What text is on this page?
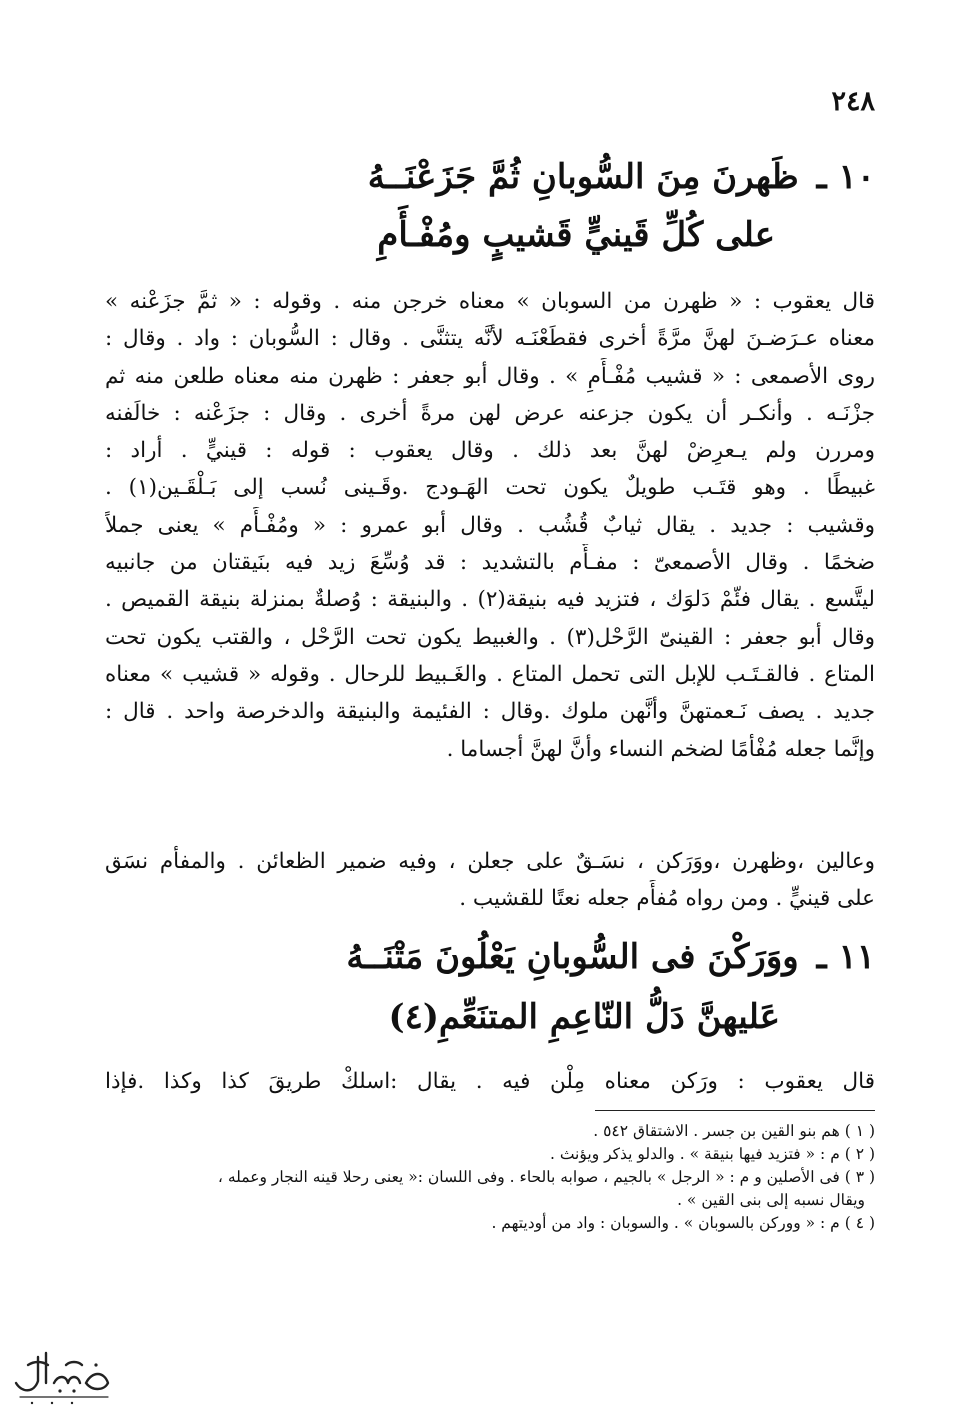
٢٤٨
١٠ ـظَهرنَ مِنَ السُّوبانِ ثُمَّ جَزَعْنَــهُ
على كُلِّ قَينيٍّ قَشيبٍ ومُفْـأَمِ
قال يعقوب : « ظهرن من السوبان » معناه خرجن منه . وقوله : « ثمَّ جزَعْنه »
معناه عـرَضـنَ لهنَّ مرَّةً أخرى فقطَعْنَـه لأنَّه يتثنَّى . وقال : السُّوبان : واد . وقال :
روى الأصمعى : « قشيب مُفْـأَمِ » . وقال أبو جعفر : ظهرن منه معناه طلعن منه ثم
جزْنَـه . وأنكـر أن يكون جزعنه عرض لهن مرةً أخرى . وقال : جزَعْنه : خالَفنه
ومررن ولم يـعرِضْ لهنَّ بعد ذلك . وقال يعقوب : قوله : قينيٍّ . أراد :
غبيطًا . وهو قتَـب طويلٌ يكون تحت الهَـودج .وقَـينى نُسب إلى بَـلْقَـين(١) .
وقشيب : جديد . يقال ثيابٌ قُشُب . وقال أبو عمرو : « ومُفْـأَم » يعنى جملاً
ضخمًا . وقال الأصمعىّ : مفـأَّم بالتشديد : قد وُسِّعَ زيد فيه بنَيقتان من جانبيه
ليتَّسع . يقال فئّمْ دَلوَك ، فتزيد فيه بنيقة(٢) . والبنيقة : وُصلةٌ بمنزلة بنيقة القميص .
وقال أبو جعفر : القينىّ الرَّحْل(٣) . والغبيط يكون تحت الرَّحْل ، والقتب يكون تحت
المتاع . فالقـتَـب للإبل التى تحمل المتاع . والغَـبيط للرحال . وقوله « قشيب » معناه
جديد . يصف نَـعمتهنَّ وأنَّهن ملوك .وقال : الفئيمة والبنيقة والدخرصة واحد . قال :
وإنَّما جعله مُفْأمًا لضخم النساء وأنَّ لهنَّ أجساما .
وعالين ،وظهرن ،ووَرَكن ، نسَـقٌ على جعلن ، وفيه ضمير الظعائن . والمفأم نسَق
على قينيٍّ . ومن رواه مُفأَم جعله نعتًا للقشيب .
١١ ـووَرَكْنَ فى السُّوبانِ يَعْلُونَ مَتْنَــهُ
عَليهنَّ دَلُّ النّاعِمِ المتنَعِّمِ(٤)
قال يعقوب : ورَكن معناه مِلْن فيه . يقال :اسلكْ طريقَ كذا وكذا .فإذا
( ١ ) هم بنو القين بن جسر . الاشتقاق ٥٤٢ .
( ٢ ) م : « فتزيد فيها بنيقة » . والدلو يذكر ويؤنث .
( ٣ ) فى الأصلين و م : « الرجل » بالجيم ، صوابه بالحاء . وفى اللسان :« يعنى رحلا قينه النجار وعمله ،
ويقال نسبه إلى بنى القين » .
( ٤ ) م : « ووركن بالسوبان » . والسوبان : واد من أوديتهم .
